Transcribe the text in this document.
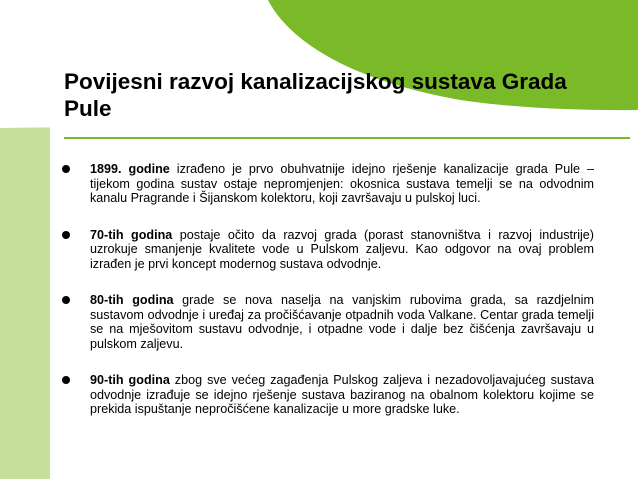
Povijesni razvoj kanalizacijskog sustava Grada Pule
1899. godine izrađeno je prvo obuhvatnije idejno rješenje kanalizacije grada Pule – tijekom godina sustav ostaje nepromjenjen: okosnica sustava temelji se na odvodnim kanalu Pragrande i Šijanskom kolektoru, koji završavaju u pulskoj luci.
70-tih godina postaje očito da razvoj grada (porast stanovništva i razvoj industrije) uzrokuje smanjenje kvalitete vode u Pulskom zaljevu. Kao odgovor na ovaj problem izrađen je prvi koncept modernog sustava odvodnje.
80-tih godina grade se nova naselja na vanjskim rubovima grada, sa razdjelnim sustavom odvodnje i uređaj za pročišćavanje otpadnih voda Valkane. Centar grada temelji se na mješovitom sustavu odvodnje, i otpadne vode i dalje bez čišćenja završavaju u pulskom zaljevu.
90-tih godina zbog sve većeg zagađenja Pulskog zaljeva i nezadovoljavajućeg sustava odvodnje izrađuje se idejno rješenje sustava baziranog na obalnom kolektoru kojime se prekida ispuštanje nepročišćene kanalizacije u more gradske luke.
